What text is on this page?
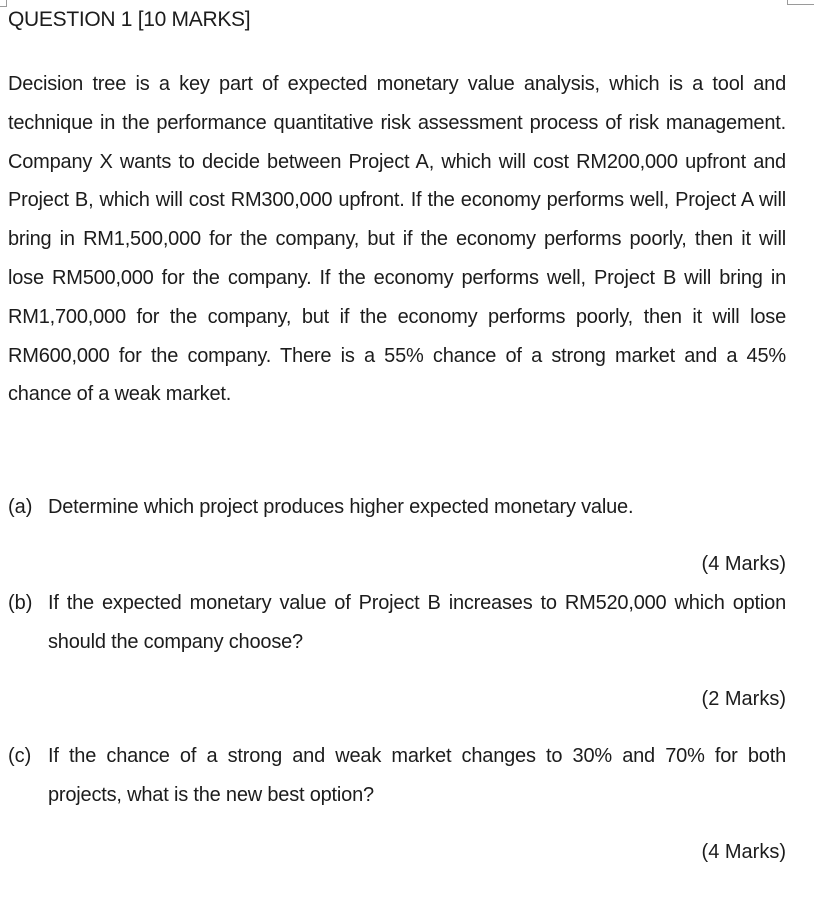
QUESTION 1 [10 MARKS]
Decision tree is a key part of expected monetary value analysis, which is a tool and technique in the performance quantitative risk assessment process of risk management. Company X wants to decide between Project A, which will cost RM200,000 upfront and Project B, which will cost RM300,000 upfront. If the economy performs well, Project A will bring in RM1,500,000 for the company, but if the economy performs poorly, then it will lose RM500,000 for the company. If the economy performs well, Project B will bring in RM1,700,000 for the company, but if the economy performs poorly, then it will lose RM600,000 for the company. There is a 55% chance of a strong market and a 45% chance of a weak market.
(a) Determine which project produces higher expected monetary value.
(4 Marks)
(b) If the expected monetary value of Project B increases to RM520,000 which option should the company choose?
(2 Marks)
(c) If the chance of a strong and weak market changes to 30% and 70% for both projects, what is the new best option?
(4 Marks)
